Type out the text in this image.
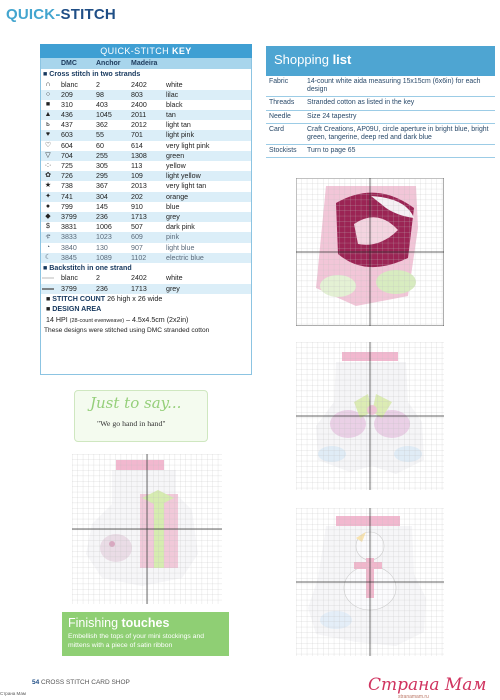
QUICK-STITCH
QUICK-STITCH KEY
DMC	Anchor	Madeira
■ Cross stitch in two strands
∩	blanc	2	2402	white
○	209	98	803	lilac
■	310	403	2400	black
▲	436	1045	2011	tan
ь	437	362	2012	light tan
♥	603	55	701	light pink
♡	604	60	614	very light pink
▽	704	255	1308	green
·:·	725	305	113	yellow
✿	726	295	109	light yellow
★	738	367	2013	very light tan
✦	741	304	202	orange
●	799	145	910	blue
◆	3799	236	1713	grey
$	3831	1006	507	dark pink
ቲ	3833	1023	609	pink
◔	3840	130	907	light blue
☾	3845	1089	1102	electric blue
■ Backstitch in one strand
blanc	2	2402	white
3799	236	1713	grey
■ STITCH COUNT 26 high x 26 wide
■ DESIGN AREA
14 HPI (28-count evenweave) – 4.5x4.5cm (2x2in)
These designs were stitched using DMC stranded cotton
Shopping list
Fabric	14-count white aida measuring 15x15cm (6x6in) for each design
Threads	Stranded cotton as listed in the key
Needle	Size 24 tapestry
Card	Craft Creations, AP09U, circle aperture in bright blue, bright green, tangerine, deep red and dark blue
Stockists	Turn to page 65
Just to say...
"We go hand in hand"
Finishing touches
Embellish the tops of your mini stockings and mittens with a piece of satin ribbon
54 CROSS STITCH CARD SHOP
Страна Мам	Страна Мам
stranamam.ru
